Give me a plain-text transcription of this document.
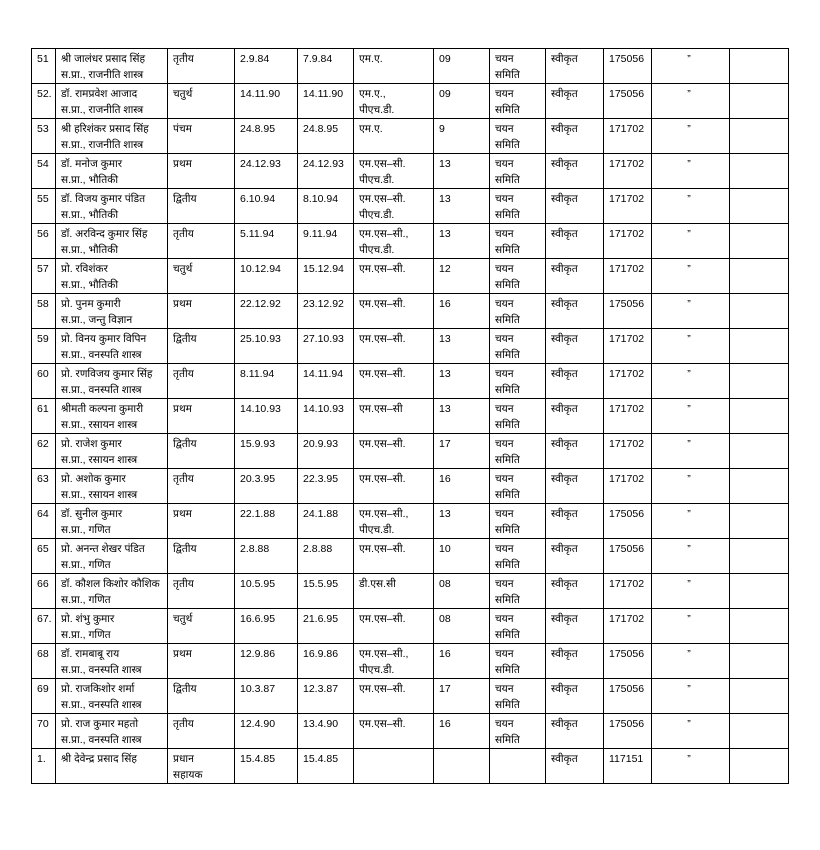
51	श्री जालंधर प्रसाद सिंह
स.प्रा., राजनीति शास्त्र	तृतीय	2.9.84	7.9.84	एम.ए.	09	चयन
समिति	स्वीकृत	175056	”	

52.	डॉ. रामप्रवेश आजाद
स.प्रा., राजनीति शास्त्र	चतुर्थ	14.11.90	14.11.90	एम.ए.,
पीएच.डी.	09	चयन
समिति	स्वीकृत	175056	”	

53	श्री हरिशंकर प्रसाद सिंह
स.प्रा., राजनीति शास्त्र	पंचम	24.8.95	24.8.95	एम.ए.	9	चयन
समिति	स्वीकृत	171702	”	

54	डॉ. मनोज कुमार
स.प्रा., भौतिकी	प्रथम	24.12.93	24.12.93	एम.एस–सी.
पीएच.डी.	13	चयन
समिति	स्वीकृत	171702	”	

55	डॉ. विजय कुमार पंडित
स.प्रा., भौतिकी	द्वितीय	6.10.94	8.10.94	एम.एस–सी.
पीएच.डी.	13	चयन
समिति	स्वीकृत	171702	”	

56	डॉ. अरविन्द कुमार सिंह
स.प्रा., भौतिकी	तृतीय	5.11.94	9.11.94	एम.एस–सी.,
पीएच.डी.	13	चयन
समिति	स्वीकृत	171702	”	

57	प्रो. रविशंकर
स.प्रा., भौतिकी	चतुर्थ	10.12.94	15.12.94	एम.एस–सी.	12	चयन
समिति	स्वीकृत	171702	”	

58	प्रो. पुनम कुमारी
स.प्रा., जन्तु विज्ञान	प्रथम	22.12.92	23.12.92	एम.एस–सी.	16	चयन
समिति	स्वीकृत	175056	”	

59	प्रो. विनय कुमार विपिन
स.प्रा., वनस्पति शास्त्र	द्वितीय	25.10.93	27.10.93	एम.एस–सी.	13	चयन
समिति	स्वीकृत	171702	”	

60	प्रो. रणविजय कुमार सिंह
स.प्रा., वनस्पति शास्त्र	तृतीय	8.11.94	14.11.94	एम.एस–सी.	13	चयन
समिति	स्वीकृत	171702	”	

61	श्रीमती कल्पना कुमारी
स.प्रा., रसायन शास्त्र	प्रथम	14.10.93	14.10.93	एम.एस–सी	13	चयन
समिति	स्वीकृत	171702	”	

62	प्रो. राजेश कुमार
स.प्रा., रसायन शास्त्र	द्वितीय	15.9.93	20.9.93	एम.एस–सी.	17	चयन
समिति	स्वीकृत	171702	”	

63	प्रो. अशोक कुमार
स.प्रा., रसायन शास्त्र	तृतीय	20.3.95	22.3.95	एम.एस–सी.	16	चयन
समिति	स्वीकृत	171702	”	

64	डॉ. सुनील कुमार
स.प्रा., गणित	प्रथम	22.1.88	24.1.88	एम.एस–सी.,
पीएच.डी.	13	चयन
समिति	स्वीकृत	175056	”	

65	प्रो. अनन्त शेखर पंडित
स.प्रा., गणित	द्वितीय	2.8.88	2.8.88	एम.एस–सी.	10	चयन
समिति	स्वीकृत	175056	”	

66	डॉ. कौशल किशोर कौशिक
स.प्रा., गणित	तृतीय	10.5.95	15.5.95	डी.एस.सी	08	चयन
समिति	स्वीकृत	171702	”	

67.	प्रो. शंभु कुमार
स.प्रा., गणित	चतुर्थ	16.6.95	21.6.95	एम.एस–सी.	08	चयन
समिति	स्वीकृत	171702	”	

68	डॉ. रामबाबू राय
स.प्रा., वनस्पति शास्त्र	प्रथम	12.9.86	16.9.86	एम.एस–सी.,
पीएच.डी.	16	चयन
समिति	स्वीकृत	175056	”	

69	प्रो. राजकिशोर शर्मा
स.प्रा., वनस्पति शास्त्र	द्वितीय	10.3.87	12.3.87	एम.एस–सी.	17	चयन
समिति	स्वीकृत	175056	”	

70	प्रो. राज कुमार महतो
स.प्रा., वनस्पति शास्त्र	तृतीय	12.4.90	13.4.90	एम.एस–सी.	16	चयन
समिति	स्वीकृत	175056	”	

1.	श्री देवेन्द्र प्रसाद सिंह	प्रधान
सहायक	15.4.85	15.4.85				स्वीकृत	117151	”	
